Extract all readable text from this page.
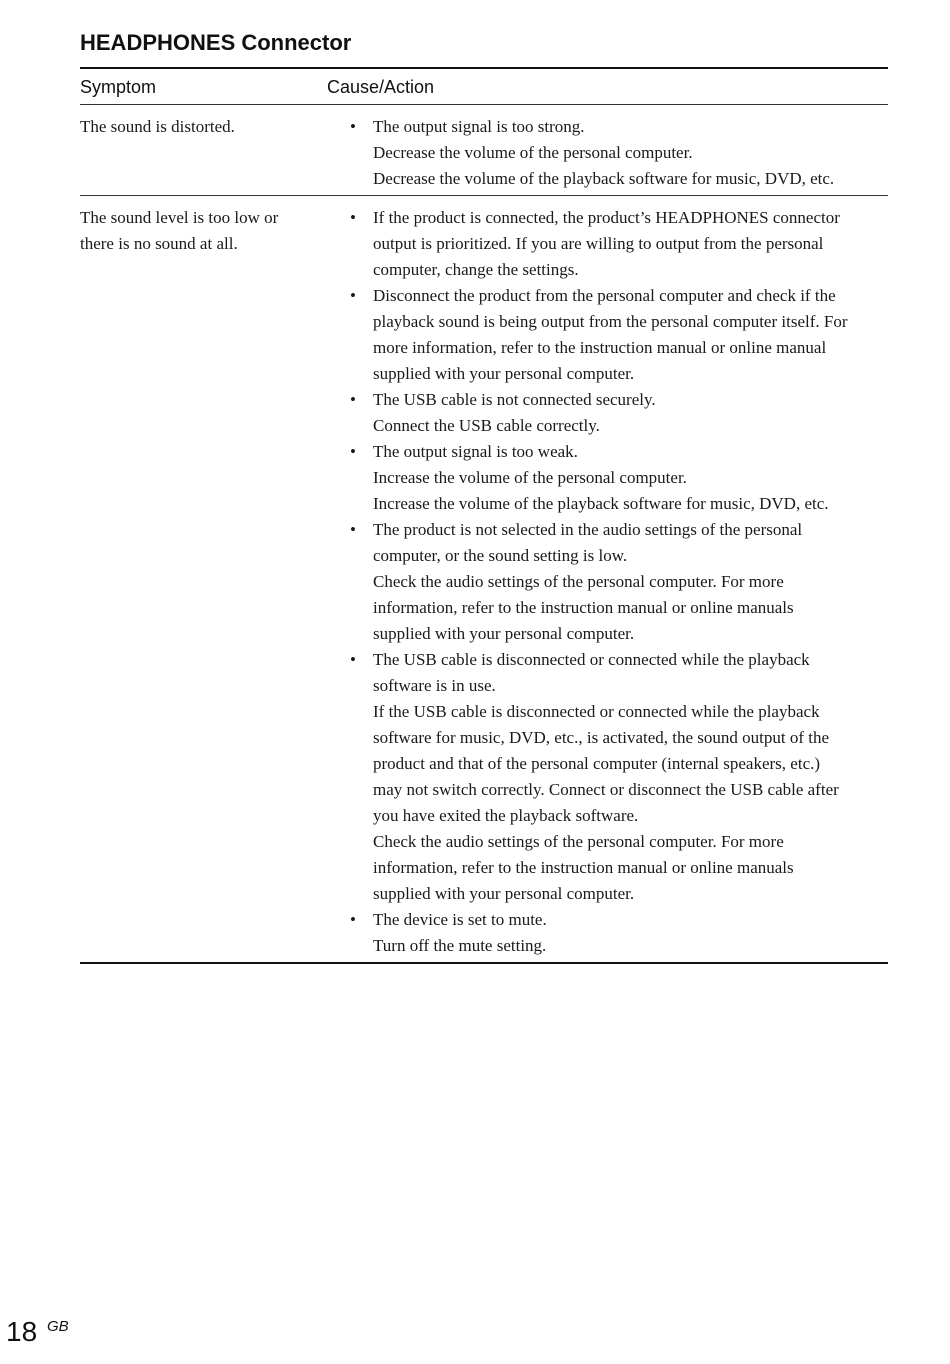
HEADPHONES Connector
Symptom	Cause/Action
The sound is distorted.	• The output signal is too strong.
Decrease the volume of the personal computer.
Decrease the volume of the playback software for music, DVD, etc.
The sound level is too low or
there is no sound at all.
• If the product is connected, the product’s HEADPHONES connector
output is prioritized. If you are willing to output from the personal
computer, change the settings.
• Disconnect the product from the personal computer and check if the
playback sound is being output from the personal computer itself. For
more information, refer to the instruction manual or online manual
supplied with your personal computer.
• The USB cable is not connected securely.
Connect the USB cable correctly.
• The output signal is too weak.
Increase the volume of the personal computer.
Increase the volume of the playback software for music, DVD, etc.
• The product is not selected in the audio settings of the personal
computer, or the sound setting is low.
Check the audio settings of the personal computer. For more
information, refer to the instruction manual or online manuals
supplied with your personal computer.
• The USB cable is disconnected or connected while the playback
software is in use.
If the USB cable is disconnected or connected while the playback
software for music, DVD, etc., is activated, the sound output of the
product and that of the personal computer (internal speakers, etc.)
may not switch correctly. Connect or disconnect the USB cable after
you have exited the playback software.
Check the audio settings of the personal computer. For more
information, refer to the instruction manual or online manuals
supplied with your personal computer.
• The device is set to mute.
Turn off the mute setting.
18 GB
